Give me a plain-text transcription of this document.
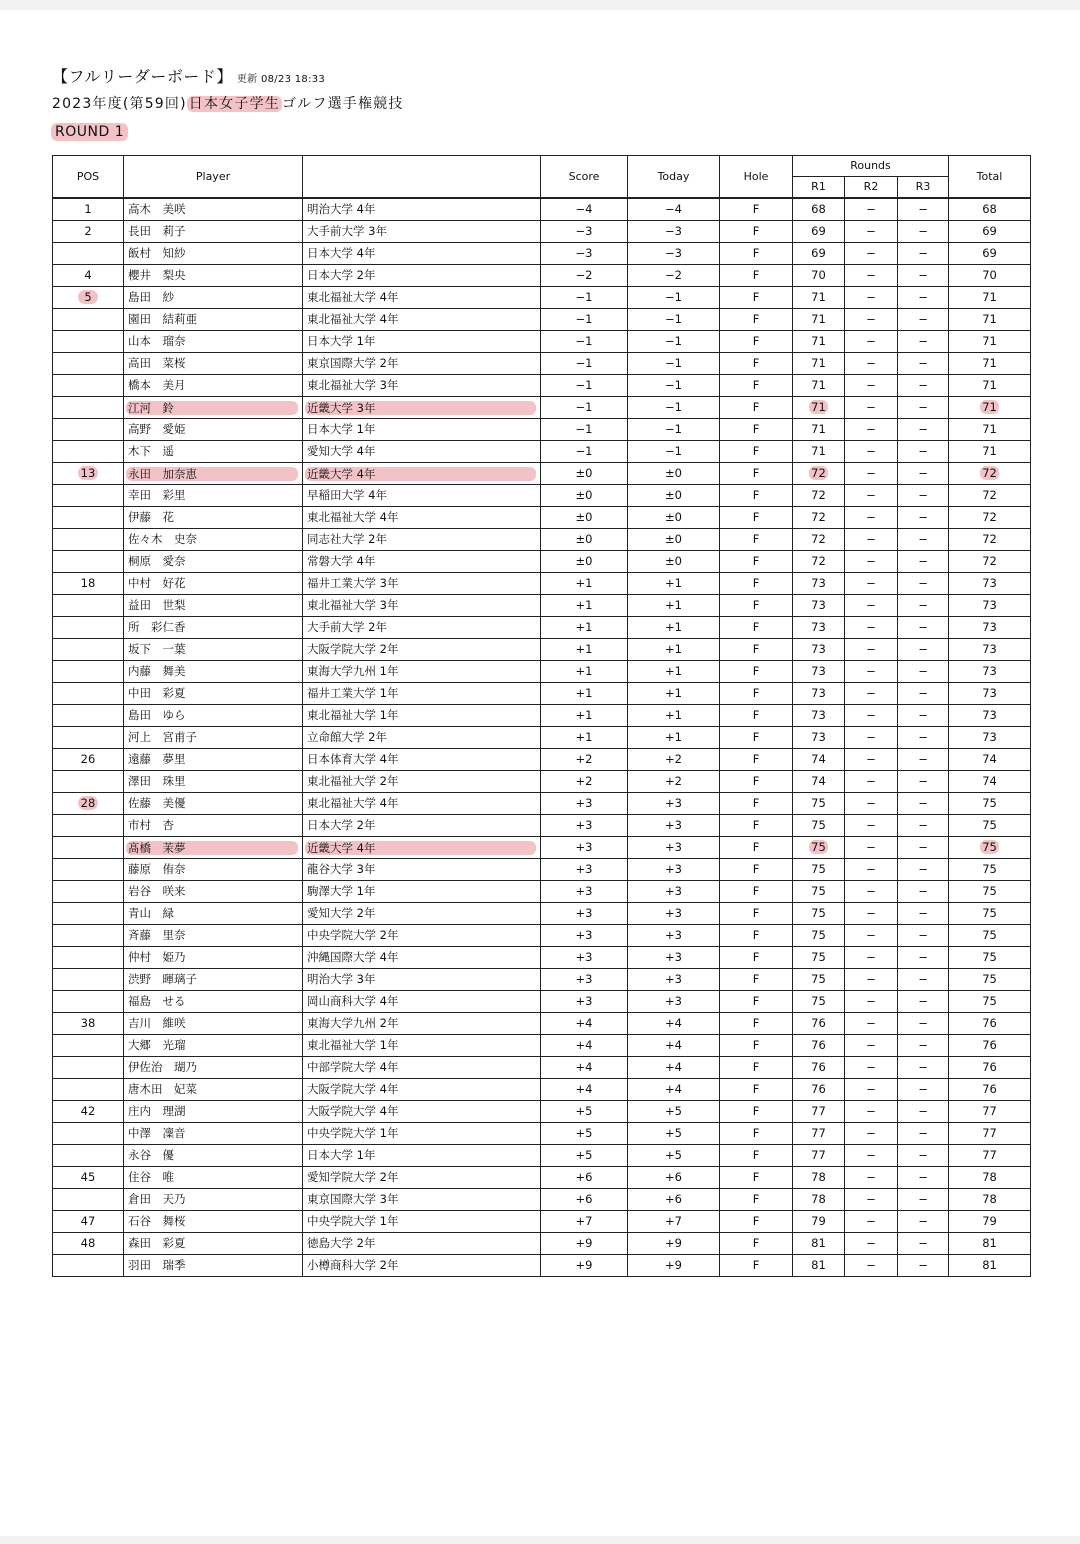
【フルリーダーボード】 更新 08/23 18:33
2023年度(第59回) 日本女子学生 ゴルフ選手権競技
ROUND 1
POS	Player		Score	Today	Hole	Rounds			Total
						R1	R2	R3	
1	高木　美咲	明治大学 4年	−4	−4	F	68	−	−	68
2	長田　莉子	大手前大学 3年	−3	−3	F	69	−	−	69
	飯村　知紗	日本大学 4年	−3	−3	F	69	−	−	69
4	櫻井　梨央	日本大学 2年	−2	−2	F	70	−	−	70
5	島田　紗	東北福祉大学 4年	−1	−1	F	71	−	−	71
	園田　結莉亜	東北福祉大学 4年	−1	−1	F	71	−	−	71
	山本　瑠奈	日本大学 1年	−1	−1	F	71	−	−	71
	高田　菜桜	東京国際大学 2年	−1	−1	F	71	−	−	71
	橋本　美月	東北福祉大学 3年	−1	−1	F	71	−	−	71

	江河　鈴	近畿大学 3年	−1	−1	F	71	−	−	71
	高野　愛姫	日本大学 1年	−1	−1	F	71	−	−	71
	木下　遥	愛知大学 4年	−1	−1	F	71	−	−	71
13	永田　加奈恵	近畿大学 4年	±0	±0	F	72	−	−	72
	幸田　彩里	早稲田大学 4年	±0	±0	F	72	−	−	72
	伊藤　花	東北福祉大学 4年	±0	±0	F	72	−	−	72
	佐々木　史奈	同志社大学 2年	±0	±0	F	72	−	−	72
	桐原　愛奈	常磐大学 4年	±0	±0	F	72	−	−	72
18	中村　好花	福井工業大学 3年	+1	+1	F	73	−	−	73
	益田　世梨	東北福祉大学 3年	+1	+1	F	73	−	−	73
	所　彩仁香	大手前大学 2年	+1	+1	F	73	−	−	73
	坂下　一葉	大阪学院大学 2年	+1	+1	F	73	−	−	73
	内藤　舞美	東海大学九州 1年	+1	+1	F	73	−	−	73
	中田　彩夏	福井工業大学 1年	+1	+1	F	73	−	−	73
	島田　ゆら	東北福祉大学 1年	+1	+1	F	73	−	−	73
	河上　宮甫子	立命館大学 2年	+1	+1	F	73	−	−	73
26	遠藤　夢里	日本体育大学 4年	+2	+2	F	74	−	−	74
	澤田　珠里	東北福祉大学 2年	+2	+2	F	74	−	−	74
28	佐藤　美優	東北福祉大学 4年	+3	+3	F	75	−	−	75
	市村　杏	日本大学 2年	+3	+3	F	75	−	−	75

	髙橋　茉夢	近畿大学 4年	+3	+3	F	75	−	−	75
	藤原　侑奈	龍谷大学 3年	+3	+3	F	75	−	−	75
	岩谷　咲来	駒澤大学 1年	+3	+3	F	75	−	−	75
	青山　緑	愛知大学 2年	+3	+3	F	75	−	−	75
	斉藤　里奈	中央学院大学 2年	+3	+3	F	75	−	−	75
	仲村　姫乃	沖縄国際大学 4年	+3	+3	F	75	−	−	75
	渋野　暉璃子	明治大学 3年	+3	+3	F	75	−	−	75
	福島　せる	岡山商科大学 4年	+3	+3	F	75	−	−	75
38	吉川　維咲	東海大学九州 2年	+4	+4	F	76	−	−	76
	大郷　光瑠	東北福祉大学 1年	+4	+4	F	76	−	−	76
	伊佐治　瑚乃	中部学院大学 4年	+4	+4	F	76	−	−	76
	唐木田　妃菜	大阪学院大学 4年	+4	+4	F	76	−	−	76
42	庄内　理湖	大阪学院大学 4年	+5	+5	F	77	−	−	77
	中澤　凜音	中央学院大学 1年	+5	+5	F	77	−	−	77
	永谷　優	日本大学 1年	+5	+5	F	77	−	−	77
45	住谷　唯	愛知学院大学 2年	+6	+6	F	78	−	−	78
	倉田　天乃	東京国際大学 3年	+6	+6	F	78	−	−	78
47	石谷　舞桜	中央学院大学 1年	+7	+7	F	79	−	−	79
48	森田　彩夏	徳島大学 2年	+9	+9	F	81	−	−	81
	羽田　瑞季	小樽商科大学 2年	+9	+9	F	81	−	−	81
